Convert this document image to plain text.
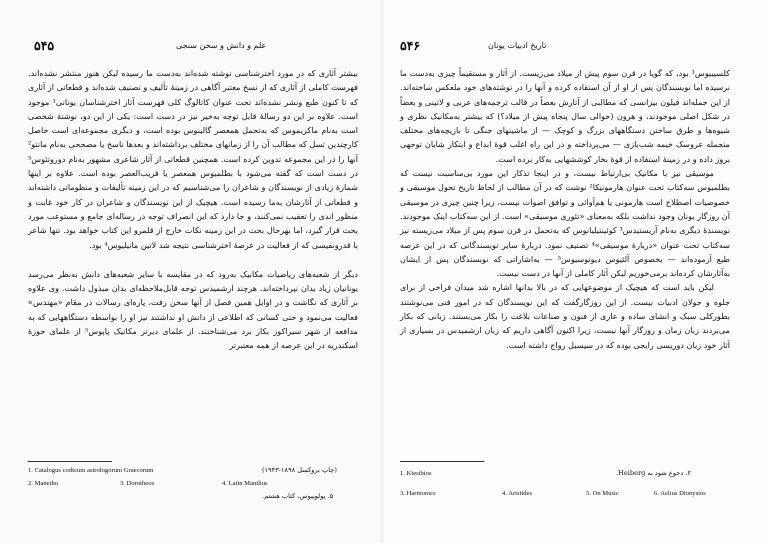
۵۴۵	علم و دانش و سخن سنجی

بیشتر آثاری که در مورد اخترشناسی نوشته شده‌اند به‌دست ما رسیده لیکن هنوز منتشر نشده‌اند. فهرست کاملی از آثاری که از نسخ معتبر آگاهی در زمینهٔ تألیف و تصنیف شده‌اند و قطعاتی از آثاری که تا کنون طبع ونشر نشده‌اند تحت عنوان کاتالوگ کلی فهرست آثار اخترشناسان یونانی¹ موجود است. علاوه بر این دو رسالهٔ قابل توجه به‌خیر نیز در دست است: یکی از این دو، نوشتهٔ شخصی است به‌نام ماکزیموس که به‌تحمل همعصر گالینوس بوده است، و دیگری مجموعه‌ای است حاصل کارچندین تسل که مطالب آن را از زمانهای مختلف برداشته‌اند و بعدها ناسخ یا مصححی به‌نام مانتو² آنها را در این مجموعه تدوین کرده است. همچنین قطعاتی از آثار شاعری مشهور به‌نام دوروتئوس³ در دست است که گفته می‌شود با بطلمیوس همعصر یا قریب‌العصر بوده است. علاوه بر اینها شمارهٔ زیادی از نویسندگان و شاعران را می‌شناسیم که در این زمینه تألیفات و منظوماتی داشته‌اند و قطعاتی از آثارشان به‌ما رسیده است. هیچیک از این نویسندگان و شاعران در کار خود غایت و منظور اندی را تعقیب نمی‌کنند، و جا دارد که این انصراف توجه در رساله‌ای جامع و مستوعب مورد بحث قرار گیرد، اما بهرحال بحث در این زمینه نکات خارج از قلمرو این کتاب خواهد بود. تنها شاعر با قدرونفیسی که از فعالیت در عرصهٔ اخترشناسی نتیجه شد لاتین مانیلیوس⁴ بود.

دیگر از شعبه‌های ریاضیات مکانیک به‌رود که در مقایسه با سایر شعبه‌های دانش به‌نظر می‌رسد یونانیان زیاد بدان نپرداخته‌اند. هرچند ارشمیدس توجه قابل‌ملاحظه‌ای بدان مبذول داشت. وی علاوه بر آثاری که نگاشت و در اوایل همین فصل از آنها سخن رفت، پاره‌ای رسالات در مقام «مهندس» فعالیت می‌نمود و حتی کسانی که اطلاعی از دانش او نداشتند نیز او را بواسطه دستگاههایی که به مدافعه از شهر سیراکوز بکار برد می‌شناختند. از علمای دیرتر مکانیک پاپوس⁵ از علمای حوزهٔ اسکندریه در این عرصه از همه معتبرتر

1. Catalogus codicum astrologorum Graecorum	(چاپ بروکسل ۱۸۹۸-۱۹۴۳)
2. Manetho	3. Dorotheos	4. Latin Manilius
۵. پولوپیوس، کتاب هشتم.
۵۴۶	تاریخ ادبیات یونان

کلسیبیوس¹ بود، که گویا در قرن سوم پیش از میلاد می‌زیست. از آثار و مستقیماً چیزی به‌دست ما نرسیده اما نویسندگان پس از او از آن استفاده کرده و آنها را در نوشته‌های خود ملعکس ساخته‌اند. از این جمله‌اند فیلون بیزانسی که مطالبی از آثارش بعضاً در قالب ترجمه‌های عربی و لاتینی و بعضاً در شکل اصلی موجودند، و هرون (حوالی سال پنجاه پیش از میلاد؟) که بیشتر به‌مکانیک نظری و شیوه‌ها و طرق ساختن دستگاههای بزرگ و کوچک — از ماشینهای جنگی تا بازیچه‌های مختلف منجمله عروسک خیمه شب‌بازی — می‌پرداخته و در این راه اغلب قوهٔ ابداع و ابتکار شایان توجهی بروز داده و در زمینهٔ استفاده از قوهٔ بخار کوششهایی به‌کار برده است.

موسیقی نیز با مکانیک بی‌ارتباط نیست، و در اینجا تذکار این مورد بی‌مناسبت نیست که بطلمیوس سه‌کتاب تحت عنوان هارمونیکا² نوشت که در آن مطالب از لحاظ تاریخ تحول موسیقی و خصوصیات اصطلاح است هارمونی یا هم‌آوائی و توافق اصوات نیست، زیرا چنین چیزی در موسیقی آن روزگار یونان وجود نداشت بلکه به‌معنای «تئوری موسیقی» است. از این سه‌کتاب اینک موجودند. نویسندهٔ دیگری به‌نام آریستیدس³ کوئینتیلیانوس که به‌تحمل در قرن سوم پس از میلاد می‌زیسته نیز سه‌کتاب تحت عنوان «دربارهٔ موسیقی»⁴ تصنیف نمود. دربارهٔ سایر نویسندگانی که در این عرصه طبع آزموده‌اند — بخصوص آلئیوس دیونوسیوس⁵ — به‌اشاراتی که نویسندگان پس از ایشان به‌آثارشان کرده‌اند برمی‌خوریم لیکن آثار کاملی از آنها در دست نیست.

لیکن باید است که هیچیک از موضوعهایی که در بالا بدانها اشاره شد میدان فراخی از برای جلوه و جولان ادبیات نیست. از این روزگارگفت که این نویسندگان که در امور فنی می‌نوشتند بطورکلی سبک و انشای ساده و عاری از فنون و صناعات بلاغت را بکار می‌بستند. زبانی که بکار می‌بردند زبان زمان و روزگار آنها نیست، زیرا اکنون آگاهی داریم که زبان ارشمیدس در بسیاری از آثار خود زبان دوریسی رایجی بوده که در سیسیل رواج داشته است.

1. Ktesibios	۲. دجوع شود به Heiberg.
3. Harmonics	4. Aristides	5. On Music	6. Aelius Dionysios
